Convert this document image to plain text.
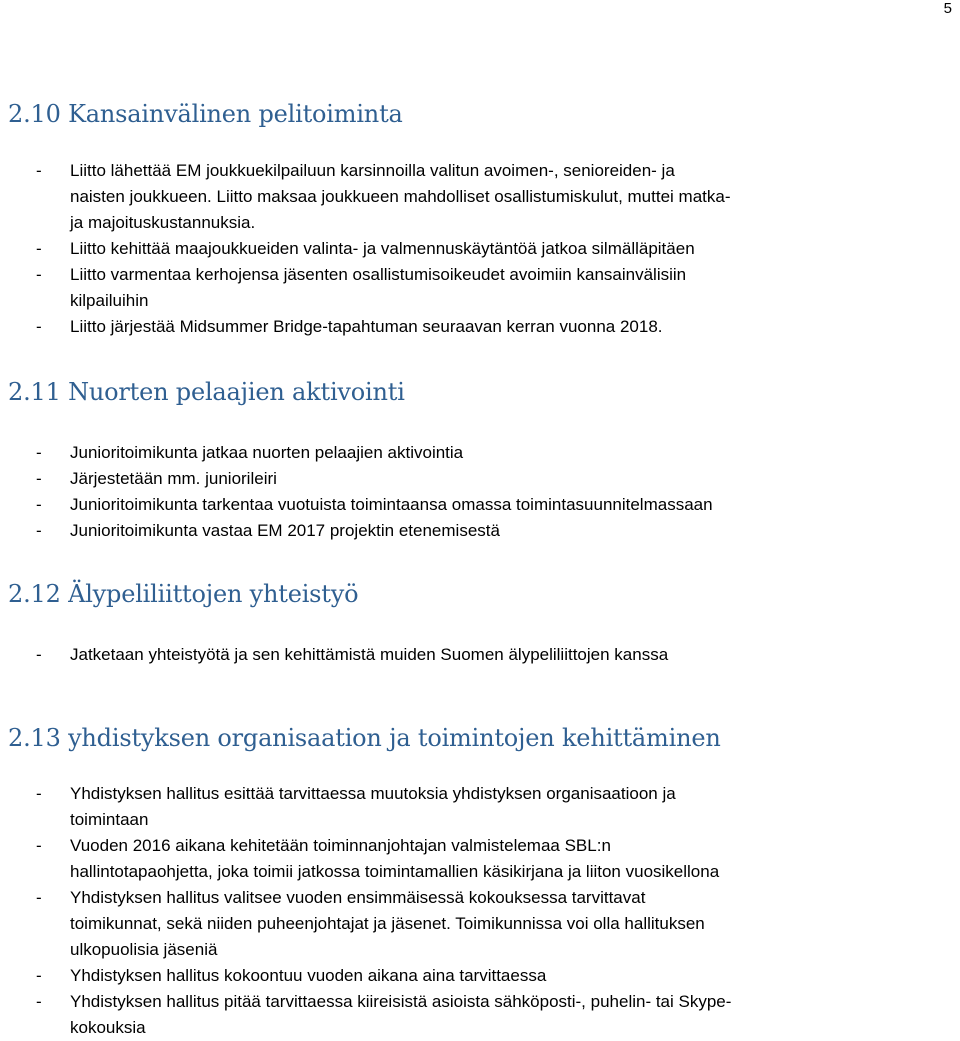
5
2.10 Kansainvälinen pelitoiminta
- Liitto lähettää EM joukkuekilpailuun karsinnoilla valitun avoimen-, senioreiden- ja
naisten joukkueen. Liitto maksaa joukkueen mahdolliset osallistumiskulut, muttei matka-
ja majoituskustannuksia.
- Liitto kehittää maajoukkueiden valinta- ja valmennuskäytäntöä jatkoa silmälläpitäen
- Liitto varmentaa kerhojensa jäsenten osallistumisoikeudet avoimiin kansainvälisiin
kilpailuihin
- Liitto järjestää Midsummer Bridge-tapahtuman seuraavan kerran vuonna 2018.
2.11 Nuorten pelaajien aktivointi
- Junioritoimikunta jatkaa nuorten pelaajien aktivointia
- Järjestetään mm. juniorileiri
- Junioritoimikunta tarkentaa vuotuista toimintaansa omassa toimintasuunnitelmassaan
- Junioritoimikunta vastaa EM 2017 projektin etenemisestä
2.12 Älypeliliittojen yhteistyö
- Jatketaan yhteistyötä ja sen kehittämistä muiden Suomen älypeliliittojen kanssa
2.13 yhdistyksen organisaation ja toimintojen kehittäminen
- Yhdistyksen hallitus esittää tarvittaessa muutoksia yhdistyksen organisaatioon ja
toimintaan
- Vuoden 2016 aikana kehitetään toiminnanjohtajan valmistelemaa SBL:n
hallintotapaohjetta, joka toimii jatkossa toimintamallien käsikirjana ja liiton vuosikellona
- Yhdistyksen hallitus valitsee vuoden ensimmäisessä kokouksessa tarvittavat
toimikunnat, sekä niiden puheenjohtajat ja jäsenet. Toimikunnissa voi olla hallituksen
ulkopuolisia jäseniä
- Yhdistyksen hallitus kokoontuu vuoden aikana aina tarvittaessa
- Yhdistyksen hallitus pitää tarvittaessa kiireisistä asioista sähköposti-, puhelin- tai Skype-
kokouksia
